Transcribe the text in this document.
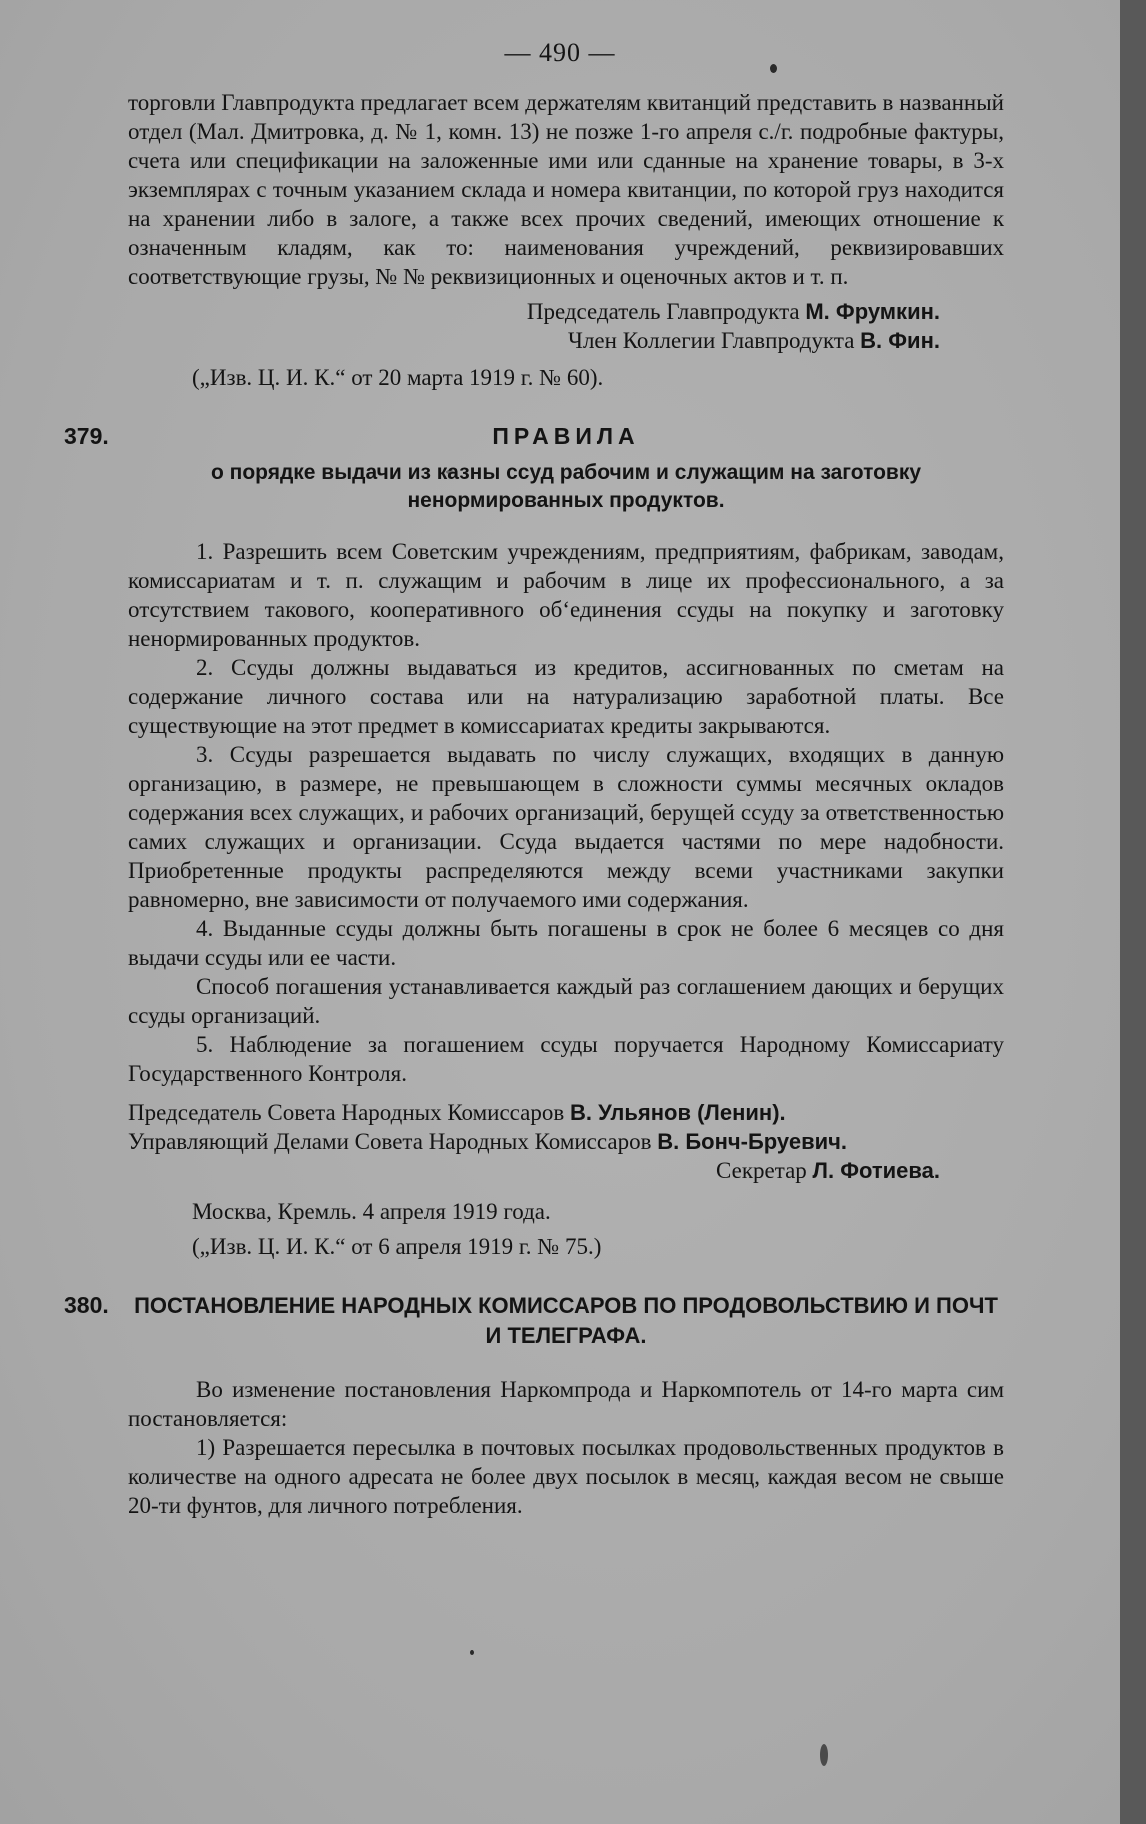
— 490 —

торговли Главпродукта предлагает всем держателям квитанций представить в названный отдел (Мал. Дмитровка, д. № 1, комн. 13) не позже 1-го апреля с./г. подробные фактуры, счета или спецификации на заложенные ими или сданные на хранение товары, в 3-х экземплярах с точным указанием склада и номера квитанции, по которой груз находится на хранении либо в залоге, а также всех прочих сведений, имеющих отношение к означенным кладям, как то: наименования учреждений, реквизировавших соответствующие грузы, № № реквизиционных и оценочных актов и т. п.

Председатель Главпродукта М. Фрумкин.

Член Коллегии Главпродукта В. Фин.

(„Изв. Ц. И. К.“ от 20 марта 1919 г. № 60).

379.	ПРАВИЛА

о порядке выдачи из казны ссуд рабочим и служащим на заготовку ненормированных продуктов.

1. Разрешить всем Советским учреждениям, предприятиям, фабрикам, заводам, комиссариатам и т. п. служащим и рабочим в лице их профессионального, а за отсутствием такового, кооперативного об‘единения ссуды на покупку и заготовку ненормированных продуктов.

2. Ссуды должны выдаваться из кредитов, ассигнованных по сметам на содержание личного состава или на натурализацию заработной платы. Все существующие на этот предмет в комиссариатах кредиты закрываются.

3. Ссуды разрешается выдавать по числу служащих, входящих в данную организацию, в размере, не превышающем в сложности суммы месячных окладов содержания всех служащих, и рабочих организаций, берущей ссуду за ответственностью самих служащих и организации. Ссуда выдается частями по мере надобности. Приобретенные продукты распределяются между всеми участниками закупки равномерно, вне зависимости от получаемого ими содержания.

4. Выданные ссуды должны быть погашены в срок не более 6 месяцев со дня выдачи ссуды или ее части.

Способ погашения устанавливается каждый раз соглашением дающих и берущих ссуды организаций.

5. Наблюдение за погашением ссуды поручается Народному Комиссариату Государственного Контроля.

Председатель Совета Народных Комиссаров В. Ульянов (Ленин).

Управляющий Делами Совета Народных Комиссаров В. Бонч-Бруевич.

Секретар Л. Фотиева.

Москва, Кремль. 4 апреля 1919 года.

(„Изв. Ц. И. К.“ от 6 апреля 1919 г. № 75.)

380. ПОСТАНОВЛЕНИЕ НАРОДНЫХ КОМИССАРОВ ПО ПРОДОВОЛЬСТВИЮ И ПОЧТ И ТЕЛЕГРАФА.

Во изменение постановления Наркомпрода и Наркомпотель от 14-го марта сим постановляется:

1) Разрешается пересылка в почтовых посылках продовольственных продуктов в количестве на одного адресата не более двух посылок в месяц, каждая весом не свыше 20-ти фунтов, для личного потребления.
